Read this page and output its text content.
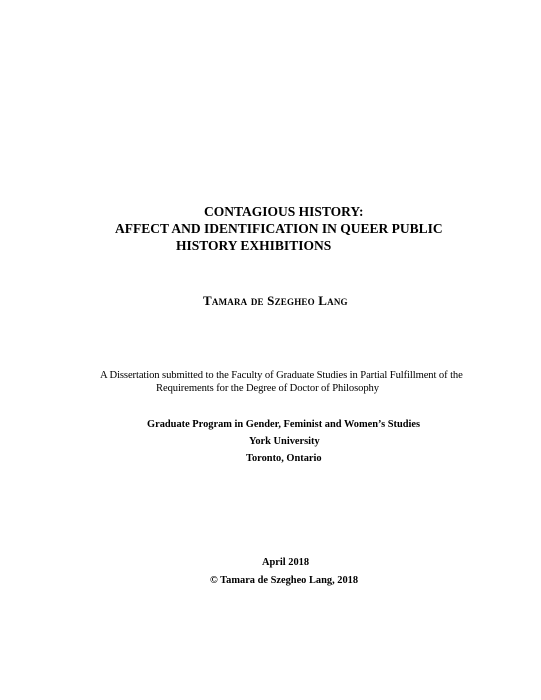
CONTAGIOUS HISTORY:
AFFECT AND IDENTIFICATION IN QUEER PUBLIC
HISTORY EXHIBITIONS
Tamara de Szegheo Lang
A Dissertation submitted to the Faculty of Graduate Studies in Partial Fulfillment of the
Requirements for the Degree of Doctor of Philosophy
Graduate Program in Gender, Feminist and Women’s Studies
York University
Toronto, Ontario
April 2018
© Tamara de Szegheo Lang, 2018
